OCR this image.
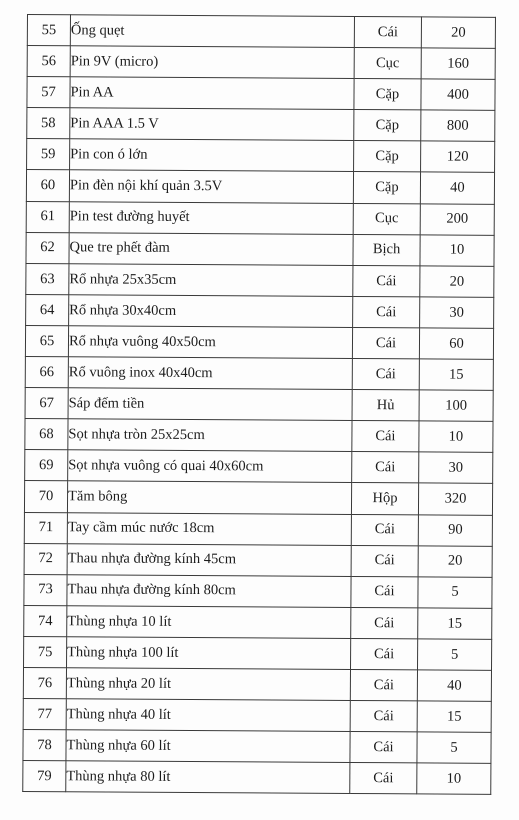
55	Ống quẹt	Cái	20
56	Pin 9V (micro)	Cục	160
57	Pin AA	Cặp	400
58	Pin AAA 1.5 V	Cặp	800
59	Pin con ó lớn	Cặp	120
60	Pin đèn nội khí quản 3.5V	Cặp	40
61	Pin test đường huyết	Cục	200
62	Que tre phết đàm	Bịch	10
63	Rổ nhựa 25x35cm	Cái	20
64	Rổ nhựa 30x40cm	Cái	30
65	Rổ nhựa vuông 40x50cm	Cái	60
66	Rổ vuông inox 40x40cm	Cái	15
67	Sáp đếm tiền	Hủ	100
68	Sọt nhựa tròn 25x25cm	Cái	10
69	Sọt nhựa vuông có quai 40x60cm	Cái	30
70	Tăm bông	Hộp	320
71	Tay cầm múc nước 18cm	Cái	90
72	Thau nhựa đường kính 45cm	Cái	20
73	Thau nhựa đường kính 80cm	Cái	5
74	Thùng nhựa 10 lít	Cái	15
75	Thùng nhựa 100 lít	Cái	5
76	Thùng nhựa 20 lít	Cái	40
77	Thùng nhựa 40 lít	Cái	15
78	Thùng nhựa 60 lít	Cái	5
79	Thùng nhựa 80 lít	Cái	10
